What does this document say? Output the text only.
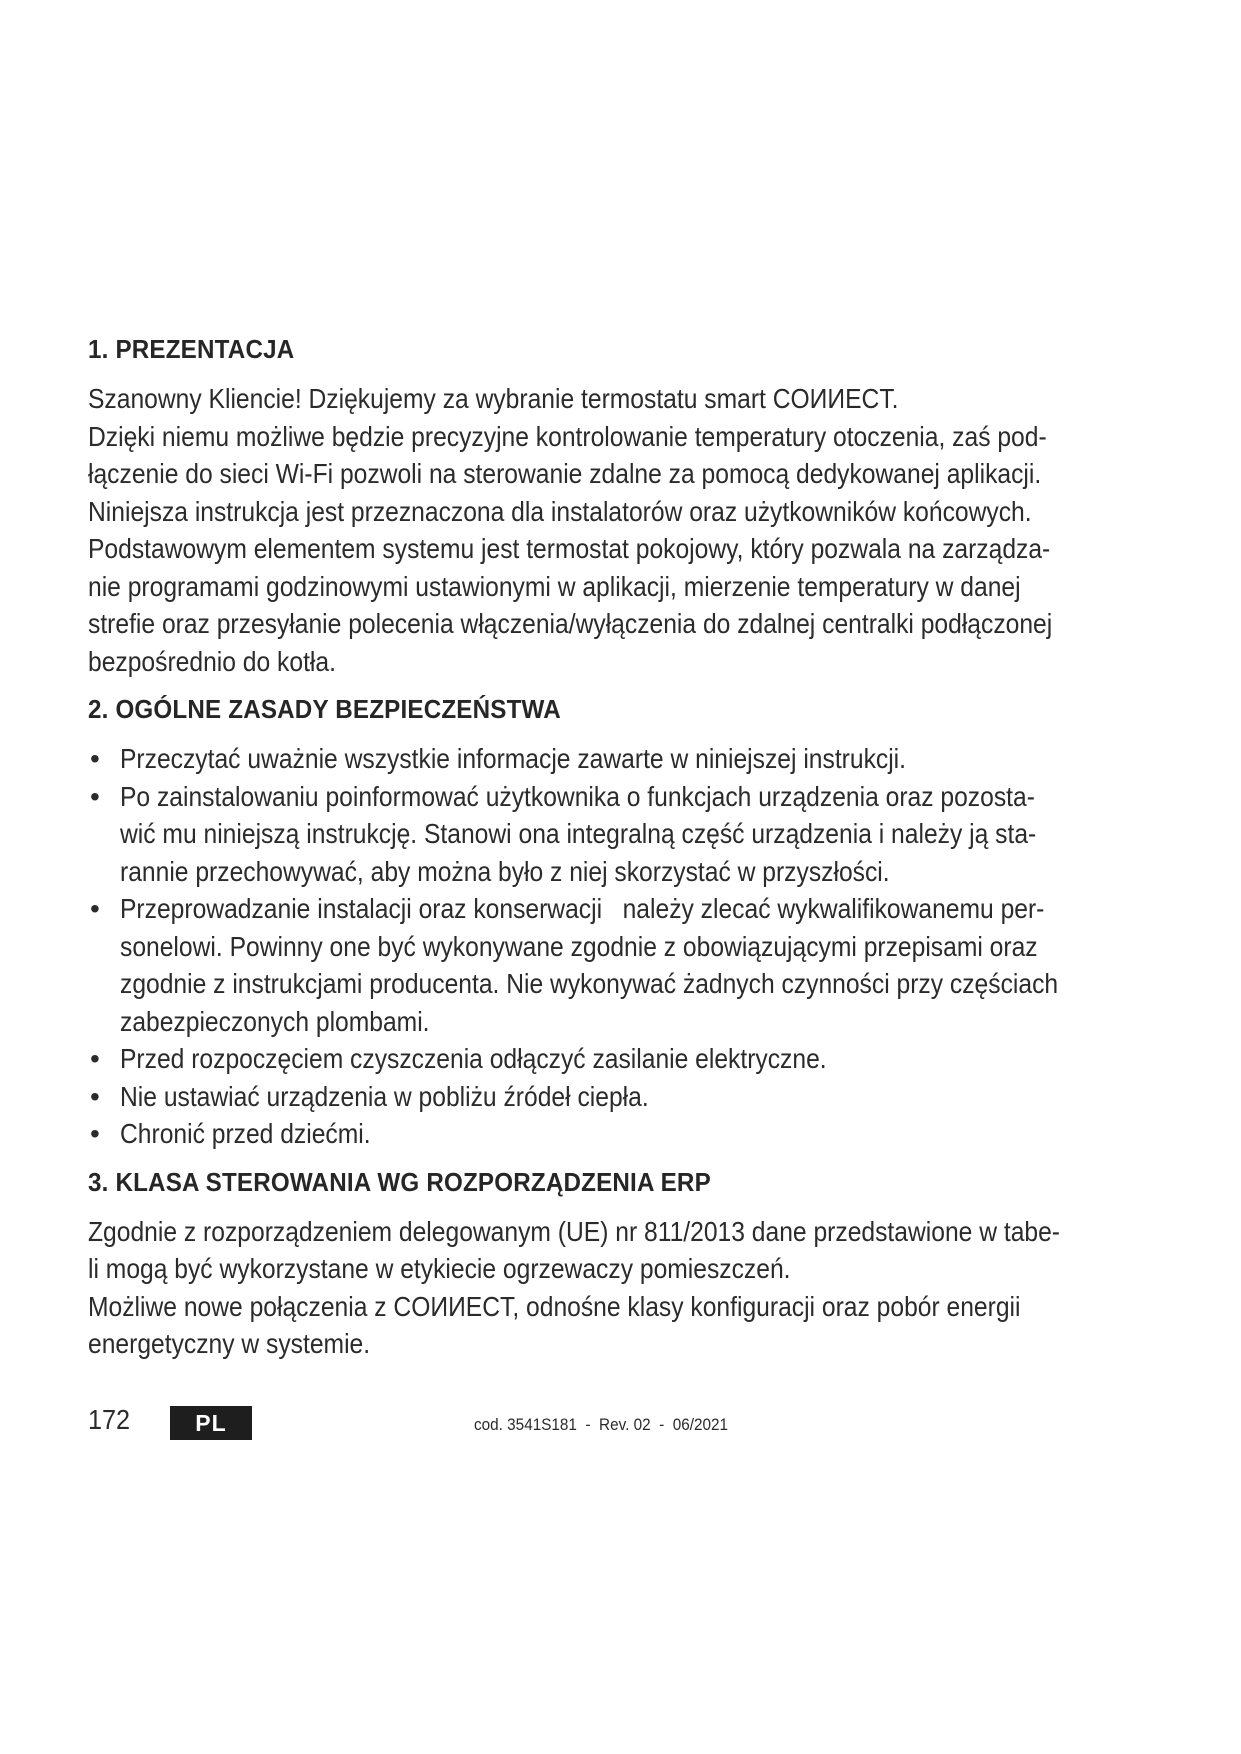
1. PREZENTACJA

Szanowny Kliencie! Dziękujemy za wybranie termostatu smart COИИECT.

Dzięki niemu możliwe będzie precyzyjne kontrolowanie temperatury otoczenia, zaś pod-

łączenie do sieci Wi-Fi pozwoli na sterowanie zdalne za pomocą dedykowanej aplikacji.

Niniejsza instrukcja jest przeznaczona dla instalatorów oraz użytkowników końcowych.

Podstawowym elementem systemu jest termostat pokojowy, który pozwala na zarządza-

nie programami godzinowymi ustawionymi w aplikacji, mierzenie temperatury w danej

strefie oraz przesyłanie polecenia włączenia/wyłączenia do zdalnej centralki podłączonej

bezpośrednio do kotła.

2. OGÓLNE ZASADY BEZPIECZEŃSTWA
• Przeczytać uważnie wszystkie informacje zawarte w niniejszej instrukcji.

• Po zainstalowaniu poinformować użytkownika o funkcjach urządzenia oraz pozosta-

wić mu niniejszą instrukcję. Stanowi ona integralną część urządzenia i należy ją sta-

rannie przechowywać, aby można było z niej skorzystać w przyszłości.

• Przeprowadzanie instalacji oraz konserwacji   należy zlecać wykwalifikowanemu per-

sonelowi. Powinny one być wykonywane zgodnie z obowiązującymi przepisami oraz

zgodnie z instrukcjami producenta. Nie wykonywać żadnych czynności przy częściach

zabezpieczonych plombami.

• Przed rozpoczęciem czyszczenia odłączyć zasilanie elektryczne.

• Nie ustawiać urządzenia w pobliżu źródeł ciepła.

• Chronić przed dziećmi.

3. KLASA STEROWANIA WG ROZPORZĄDZENIA ERP

Zgodnie z rozporządzeniem delegowanym (UE) nr 811/2013 dane przedstawione w tabe-

li mogą być wykorzystane w etykiecie ogrzewaczy pomieszczeń.

Możliwe nowe połączenia z COИИECT, odnośne klasy konfiguracji oraz pobór energii

energetyczny w systemie.

172	PL	cod. 3541S181  -  Rev. 02  -  06/2021
